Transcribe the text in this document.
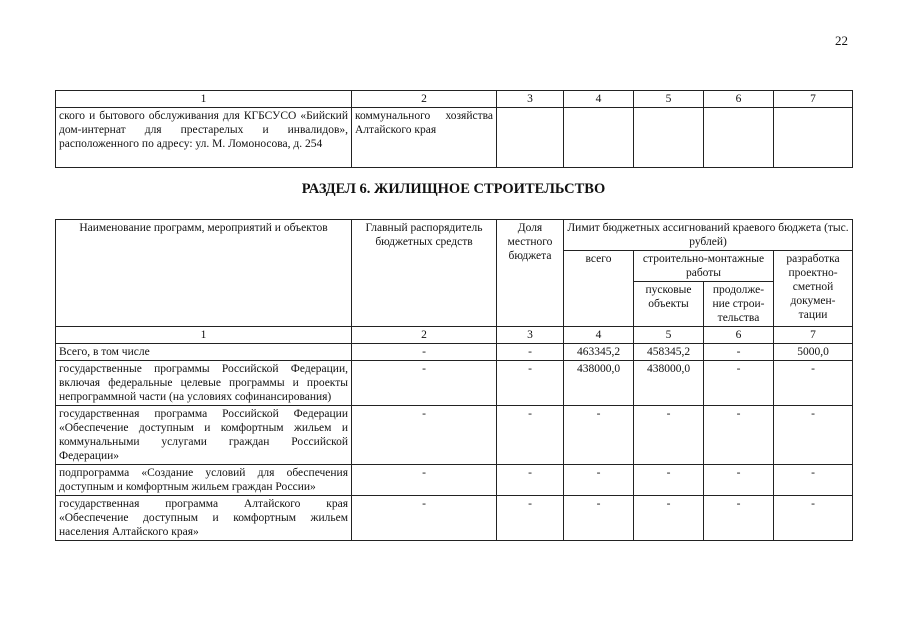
22
1	2	3	4	5	6	7
ского и бытового обслуживания для КГБСУСО «Бийский дом-интернат для престарелых и инвалидов», расположенного по адресу: ул. М. Ломоносова, д. 254	коммунального хозяйства Алтайского края					
РАЗДЕЛ 6. ЖИЛИЩНОЕ СТРОИТЕЛЬСТВО
Наименование программ, мероприятий и объектов	Главный распорядитель бюджетных средств	Доля местного бюджета	Лимит бюджетных ассигнований краевого бюджета (тыс. рублей)			
			всего	строительно-монтажные работы		разработка проектно-сметной докумен-тации
				пусковые объекты	продолже-ние строи-тельства	

1	2	3	4	5	6	7
Всего, в том числе	-	-	463345,2	458345,2	-	5000,0
государственные программы Российской Федерации, включая федеральные целевые программы и проекты непрограммной части (на условиях софинансирования)	-	-	438000,0	438000,0	-	-
государственная программа Российской Федерации «Обеспечение доступным и комфортным жильем и коммунальными услугами граждан Российской Федерации»	-	-	-	-	-	-
подпрограмма «Создание условий для обеспечения доступным и комфортным жильем граждан России»	-	-	-	-	-	-
государственная программа Алтайского края «Обеспечение доступным и комфортным жильем населения Алтайского края»	-	-	-	-	-	-
